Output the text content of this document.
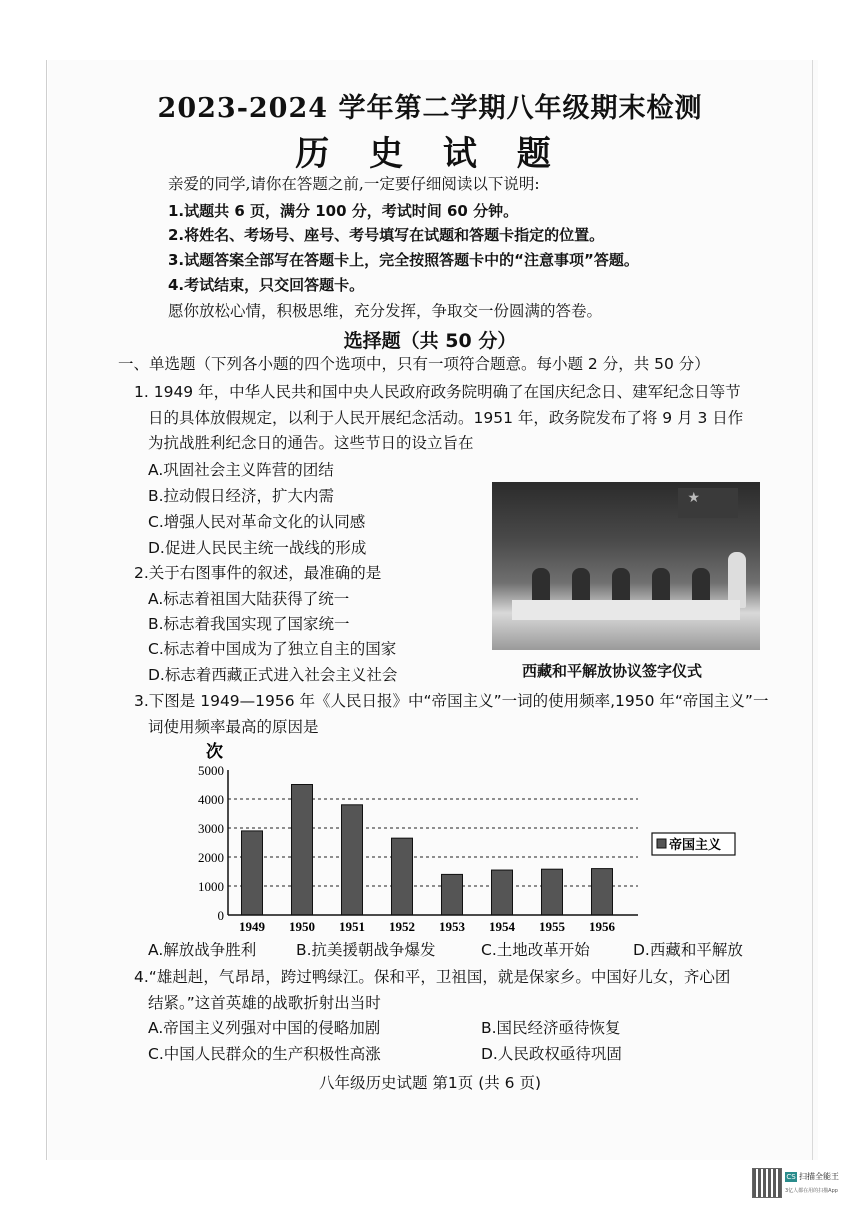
2023-2024 学年第二学期八年级期末检测
历 史 试 题
亲爱的同学,请你在答题之前,一定要仔细阅读以下说明:
1.试题共 6 页，满分 100 分，考试时间 60 分钟。
2.将姓名、考场号、座号、考号填写在试题和答题卡指定的位置。
3.试题答案全部写在答题卡上，完全按照答题卡中的“注意事项”答题。
4.考试结束，只交回答题卡。
愿你放松心情，积极思维，充分发挥，争取交一份圆满的答卷。
选择题（共 50 分）
一、单选题（下列各小题的四个选项中，只有一项符合题意。每小题 2 分，共 50 分）
1. 1949 年，中华人民共和国中央人民政府政务院明确了在国庆纪念日、建军纪念日等节
日的具体放假规定，以利于人民开展纪念活动。1951 年，政务院发布了将 9 月 3 日作
为抗战胜利纪念日的通告。这些节日的设立旨在
A.巩固社会主义阵营的团结
B.拉动假日经济，扩大内需
C.增强人民对革命文化的认同感
D.促进人民民主统一战线的形成
2.关于右图事件的叙述，最准确的是
A.标志着祖国大陆获得了统一
B.标志着我国实现了国家统一
C.标志着中国成为了独立自主的国家
D.标志着西藏正式进入社会主义社会
★
西藏和平解放协议签字仪式
3.下图是 1949—1956 年《人民日报》中“帝国主义”一词的使用频率,1950 年“帝国主义”一
词使用频率最高的原因是
次
0
1000
2000
3000
4000
5000
1949 1950 1951 1952 1953 1954 1955 1956
帝国主义
A.解放战争胜利	B.抗美援朝战争爆发	C.土地改革开始	D.西藏和平解放
4.“雄赳赳，气昂昂，跨过鸭绿江。保和平，卫祖国，就是保家乡。中国好儿女，齐心团
结紧。”这首英雄的战歌折射出当时
A.帝国主义列强对中国的侵略加剧	B.国民经济亟待恢复
C.中国人民群众的生产积极性高涨	D.人民政权亟待巩固
八年级历史试题 第1页 (共 6 页)
CS 扫描全能王
3亿人都在用的扫描App
